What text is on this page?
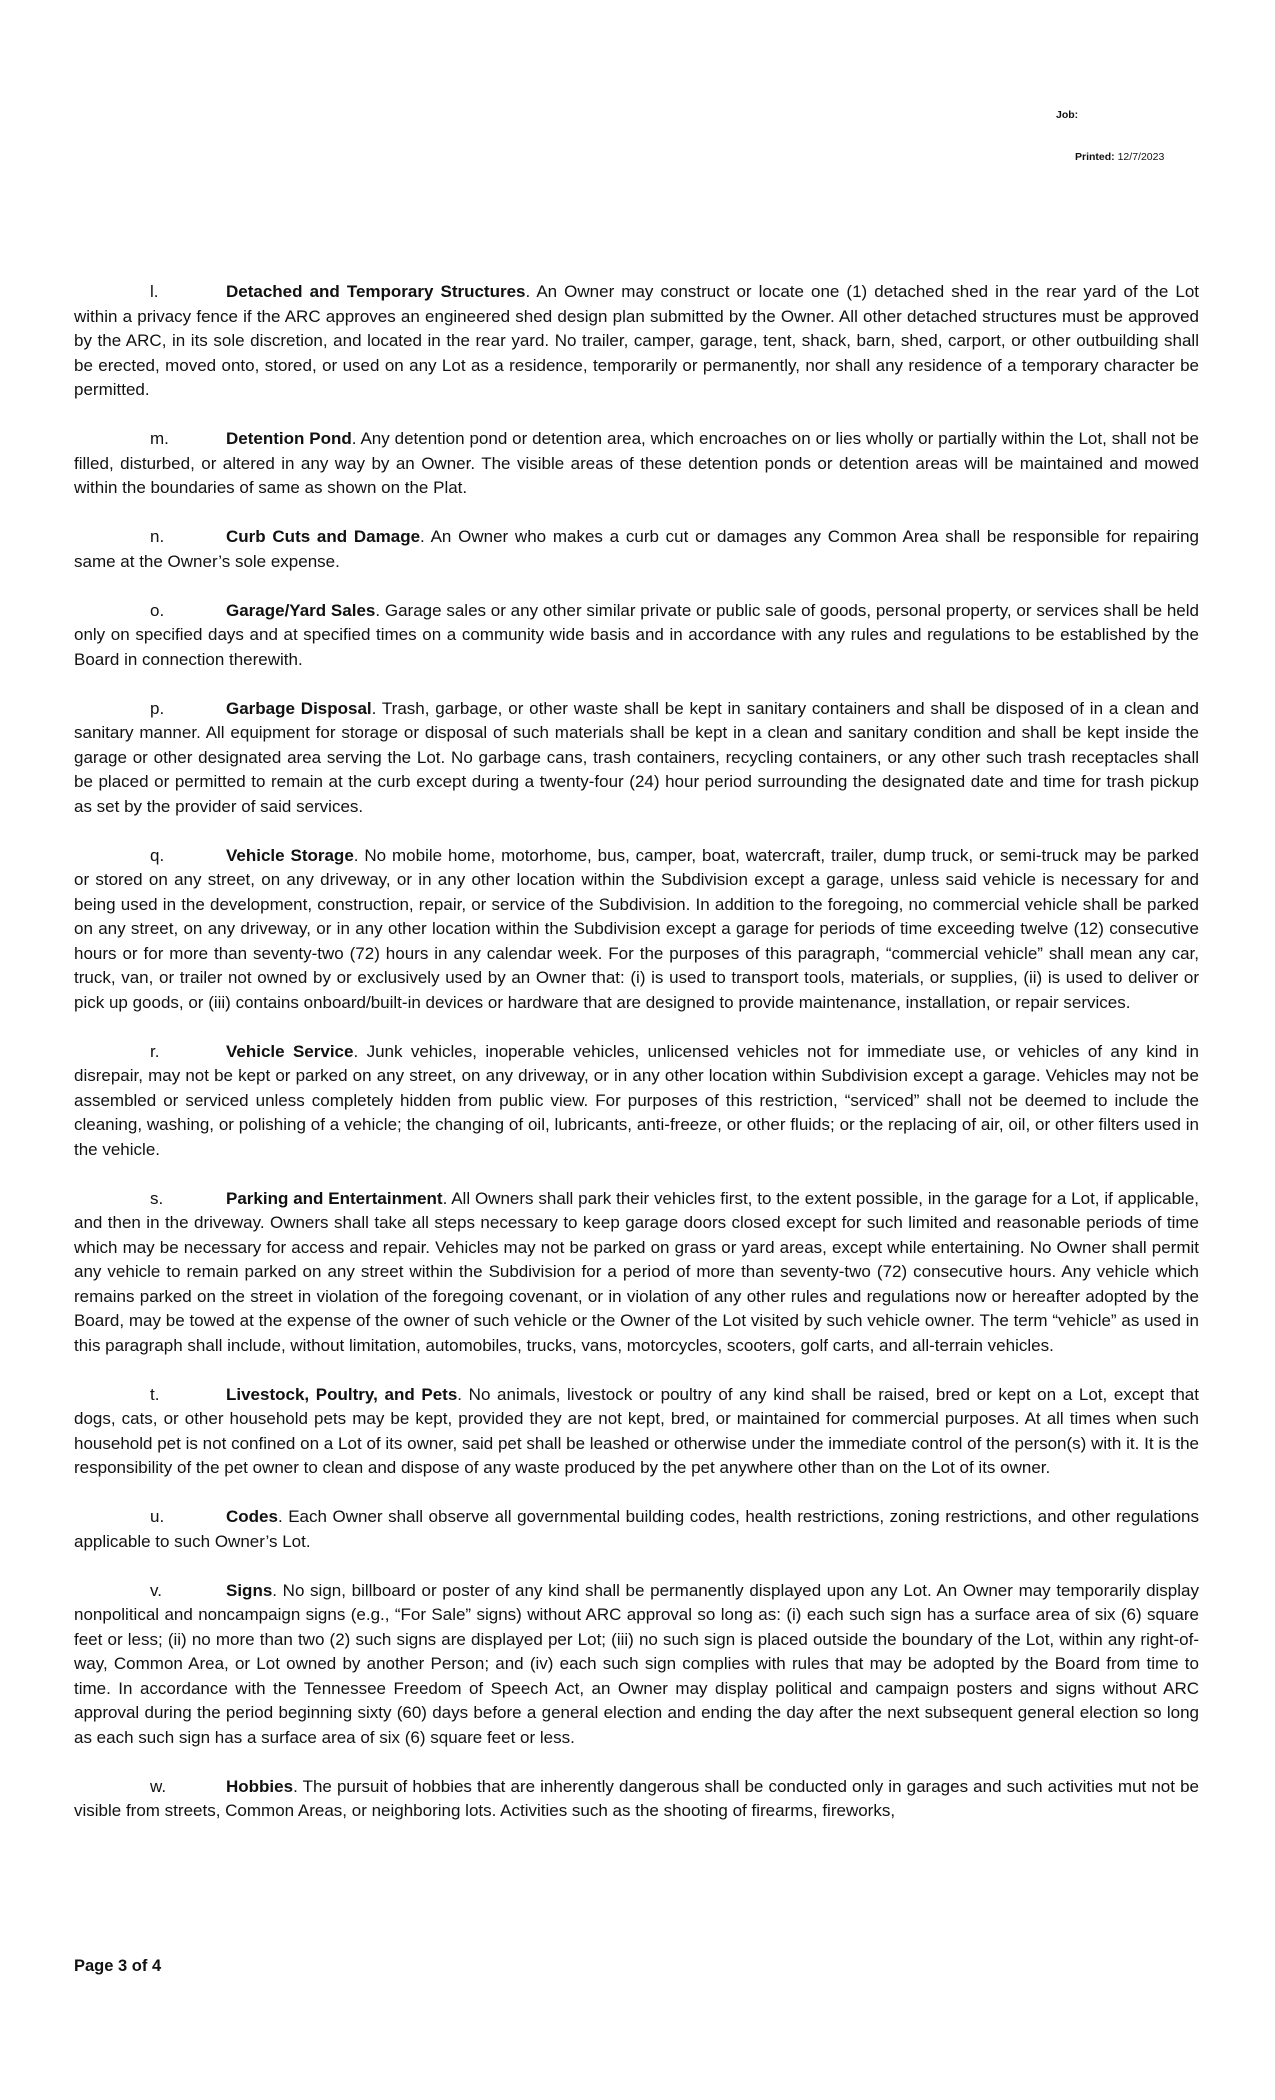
Job:
Printed: 12/7/2023

l.	Detached and Temporary Structures. An Owner may construct or locate one (1) detached shed in the rear yard of the Lot within a privacy fence if the ARC approves an engineered shed design plan submitted by the Owner. All other detached structures must be approved by the ARC, in its sole discretion, and located in the rear yard. No trailer, camper, garage, tent, shack, barn, shed, carport, or other outbuilding shall be erected, moved onto, stored, or used on any Lot as a residence, temporarily or permanently, nor shall any residence of a temporary character be permitted.

m.	Detention Pond. Any detention pond or detention area, which encroaches on or lies wholly or partially within the Lot, shall not be filled, disturbed, or altered in any way by an Owner. The visible areas of these detention ponds or detention areas will be maintained and mowed within the boundaries of same as shown on the Plat.

n.	Curb Cuts and Damage. An Owner who makes a curb cut or damages any Common Area shall be responsible for repairing same at the Owner’s sole expense.

o.	Garage/Yard Sales. Garage sales or any other similar private or public sale of goods, personal property, or services shall be held only on specified days and at specified times on a community wide basis and in accordance with any rules and regulations to be established by the Board in connection therewith.

p.	Garbage Disposal. Trash, garbage, or other waste shall be kept in sanitary containers and shall be disposed of in a clean and sanitary manner. All equipment for storage or disposal of such materials shall be kept in a clean and sanitary condition and shall be kept inside the garage or other designated area serving the Lot. No garbage cans, trash containers, recycling containers, or any other such trash receptacles shall be placed or permitted to remain at the curb except during a twenty-four (24) hour period surrounding the designated date and time for trash pickup as set by the provider of said services.

q.	Vehicle Storage. No mobile home, motorhome, bus, camper, boat, watercraft, trailer, dump truck, or semi-truck may be parked or stored on any street, on any driveway, or in any other location within the Subdivision except a garage, unless said vehicle is necessary for and being used in the development, construction, repair, or service of the Subdivision. In addition to the foregoing, no commercial vehicle shall be parked on any street, on any driveway, or in any other location within the Subdivision except a garage for periods of time exceeding twelve (12) consecutive hours or for more than seventy-two (72) hours in any calendar week. For the purposes of this paragraph, “commercial vehicle” shall mean any car, truck, van, or trailer not owned by or exclusively used by an Owner that: (i) is used to transport tools, materials, or supplies, (ii) is used to deliver or pick up goods, or (iii) contains onboard/built-in devices or hardware that are designed to provide maintenance, installation, or repair services.

r.	Vehicle Service. Junk vehicles, inoperable vehicles, unlicensed vehicles not for immediate use, or vehicles of any kind in disrepair, may not be kept or parked on any street, on any driveway, or in any other location within Subdivision except a garage. Vehicles may not be assembled or serviced unless completely hidden from public view. For purposes of this restriction, “serviced” shall not be deemed to include the cleaning, washing, or polishing of a vehicle; the changing of oil, lubricants, anti-freeze, or other fluids; or the replacing of air, oil, or other filters used in the vehicle.

s.	Parking and Entertainment. All Owners shall park their vehicles first, to the extent possible, in the garage for a Lot, if applicable, and then in the driveway. Owners shall take all steps necessary to keep garage doors closed except for such limited and reasonable periods of time which may be necessary for access and repair. Vehicles may not be parked on grass or yard areas, except while entertaining. No Owner shall permit any vehicle to remain parked on any street within the Subdivision for a period of more than seventy-two (72) consecutive hours. Any vehicle which remains parked on the street in violation of the foregoing covenant, or in violation of any other rules and regulations now or hereafter adopted by the Board, may be towed at the expense of the owner of such vehicle or the Owner of the Lot visited by such vehicle owner. The term “vehicle” as used in this paragraph shall include, without limitation, automobiles, trucks, vans, motorcycles, scooters, golf carts, and all-terrain vehicles.

t.	Livestock, Poultry, and Pets. No animals, livestock or poultry of any kind shall be raised, bred or kept on a Lot, except that dogs, cats, or other household pets may be kept, provided they are not kept, bred, or maintained for commercial purposes. At all times when such household pet is not confined on a Lot of its owner, said pet shall be leashed or otherwise under the immediate control of the person(s) with it. It is the responsibility of the pet owner to clean and dispose of any waste produced by the pet anywhere other than on the Lot of its owner.

u.	Codes. Each Owner shall observe all governmental building codes, health restrictions, zoning restrictions, and other regulations applicable to such Owner’s Lot.

v.	Signs. No sign, billboard or poster of any kind shall be permanently displayed upon any Lot. An Owner may temporarily display nonpolitical and noncampaign signs (e.g., “For Sale” signs) without ARC approval so long as: (i) each such sign has a surface area of six (6) square feet or less; (ii) no more than two (2) such signs are displayed per Lot; (iii) no such sign is placed outside the boundary of the Lot, within any right-of-way, Common Area, or Lot owned by another Person; and (iv) each such sign complies with rules that may be adopted by the Board from time to time. In accordance with the Tennessee Freedom of Speech Act, an Owner may display political and campaign posters and signs without ARC approval during the period beginning sixty (60) days before a general election and ending the day after the next subsequent general election so long as each such sign has a surface area of six (6) square feet or less.

w.	Hobbies. The pursuit of hobbies that are inherently dangerous shall be conducted only in garages and such activities mut not be visible from streets, Common Areas, or neighboring lots. Activities such as the shooting of firearms, fireworks,

Page 3 of 4
